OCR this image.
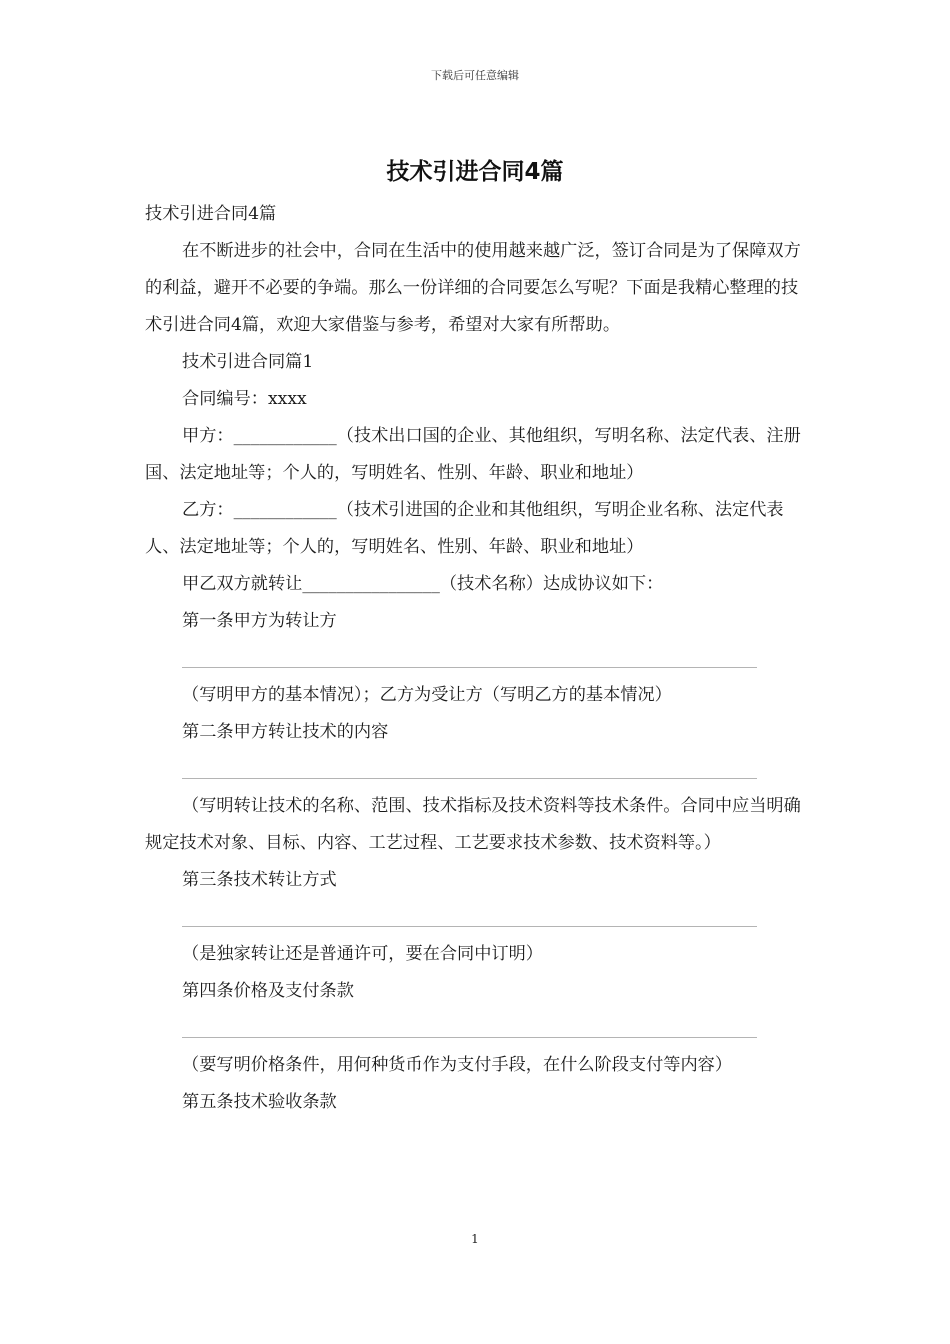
下载后可任意编辑
技术引进合同4篇

技术引进合同4篇

在不断进步的社会中，合同在生活中的使用越来越广泛，签订合同是为了保障双方的利益，避开不必要的争端。那么一份详细的合同要怎么写呢？下面是我精心整理的技术引进合同4篇，欢迎大家借鉴与参考，希望对大家有所帮助。

技术引进合同篇1

合同编号：xxxx

甲方：____________（技术出口国的企业、其他组织，写明名称、法定代表、注册国、法定地址等；个人的，写明姓名、性别、年龄、职业和地址）

乙方：____________（技术引进国的企业和其他组织，写明企业名称、法定代表人、法定地址等；个人的，写明姓名、性别、年龄、职业和地址）

甲乙双方就转让________________（技术名称）达成协议如下：

第一条甲方为转让方

（写明甲方的基本情况）；乙方为受让方（写明乙方的基本情况）

第二条甲方转让技术的内容

（写明转让技术的名称、范围、技术指标及技术资料等技术条件。合同中应当明确规定技术对象、目标、内容、工艺过程、工艺要求技术参数、技术资料等。）

第三条技术转让方式

（是独家转让还是普通许可，要在合同中订明）

第四条价格及支付条款

（要写明价格条件，用何种货币作为支付手段，在什么阶段支付等内容）

第五条技术验收条款

1
